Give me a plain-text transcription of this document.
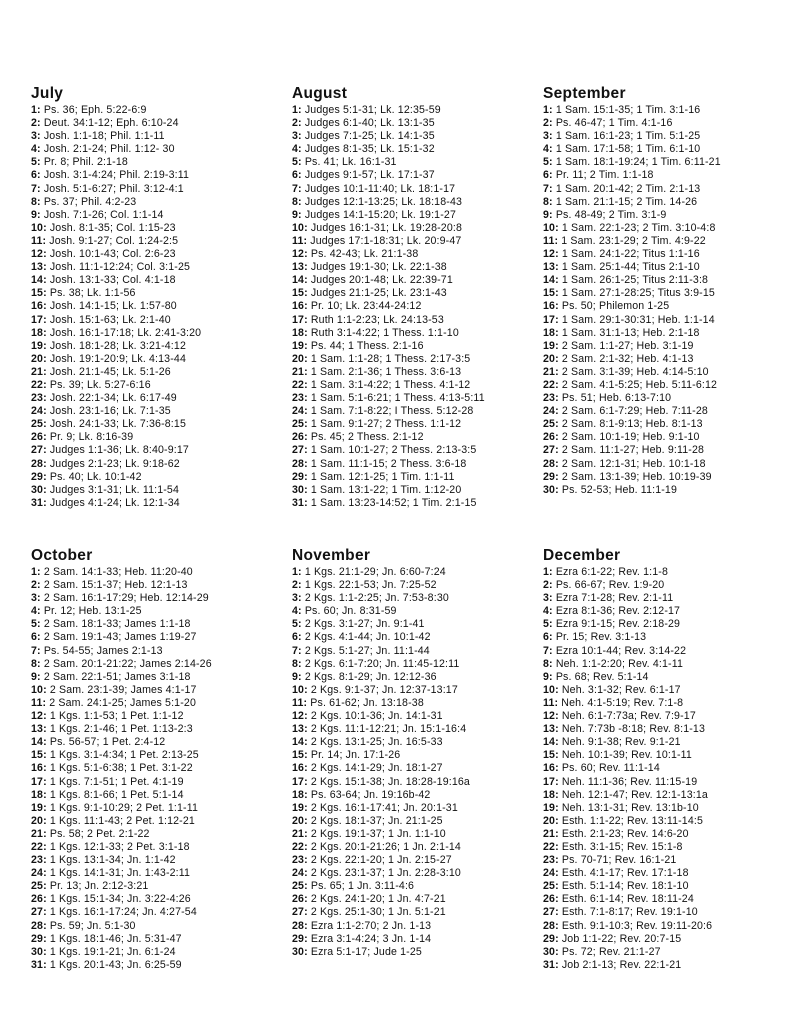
July
1: Ps. 36; Eph. 5:22-6:9
2: Deut. 34:1-12; Eph. 6:10-24
3: Josh. 1:1-18; Phil. 1:1-11
4: Josh. 2:1-24; Phil. 1:12- 30
5: Pr. 8; Phil. 2:1-18
6: Josh. 3:1-4:24; Phil. 2:19-3:11
7: Josh. 5:1-6:27; Phil. 3:12-4:1
8: Ps. 37; Phil. 4:2-23
9: Josh. 7:1-26; Col. 1:1-14
10: Josh. 8:1-35; Col. 1:15-23
11: Josh. 9:1-27; Col. 1:24-2:5
12: Josh. 10:1-43; Col. 2:6-23
13: Josh. 11:1-12:24; Col. 3:1-25
14: Josh. 13:1-33; Col. 4:1-18
15: Ps. 38; Lk. 1:1-56
16: Josh. 14:1-15; Lk. 1:57-80
17: Josh. 15:1-63; Lk. 2:1-40
18: Josh. 16:1-17:18; Lk. 2:41-3:20
19: Josh. 18:1-28; Lk. 3:21-4:12
20: Josh. 19:1-20:9; Lk. 4:13-44
21: Josh. 21:1-45; Lk. 5:1-26
22: Ps. 39; Lk. 5:27-6:16
23: Josh. 22:1-34; Lk. 6:17-49
24: Josh. 23:1-16; Lk. 7:1-35
25: Josh. 24:1-33; Lk. 7:36-8:15
26: Pr. 9; Lk. 8:16-39
27: Judges 1:1-36; Lk. 8:40-9:17
28: Judges 2:1-23; Lk. 9:18-62
29: Ps. 40; Lk. 10:1-42
30: Judges 3:1-31; Lk. 11:1-54
31: Judges 4:1-24; Lk. 12:1-34
August
1: Judges 5:1-31; Lk. 12:35-59
2: Judges 6:1-40; Lk. 13:1-35
3: Judges 7:1-25; Lk. 14:1-35
4: Judges 8:1-35; Lk. 15:1-32
5: Ps. 41; Lk. 16:1-31
6: Judges 9:1-57; Lk. 17:1-37
7: Judges 10:1-11:40; Lk. 18:1-17
8: Judges 12:1-13:25; Lk. 18:18-43
9: Judges 14:1-15:20; Lk. 19:1-27
10: Judges 16:1-31; Lk. 19:28-20:8
11: Judges 17:1-18:31; Lk. 20:9-47
12: Ps. 42-43; Lk. 21:1-38
13: Judges 19:1-30; Lk. 22:1-38
14: Judges 20:1-48; Lk. 22:39-71
15: Judges 21:1-25; Lk. 23:1-43
16: Pr. 10; Lk. 23:44-24:12
17: Ruth 1:1-2:23; Lk. 24:13-53
18: Ruth 3:1-4:22; 1 Thess. 1:1-10
19: Ps. 44; 1 Thess. 2:1-16
20: 1 Sam. 1:1-28; 1 Thess. 2:17-3:5
21: 1 Sam. 2:1-36; 1 Thess. 3:6-13
22: 1 Sam. 3:1-4:22; 1 Thess. 4:1-12
23: 1 Sam. 5:1-6:21; 1 Thess. 4:13-5:11
24: 1 Sam. 7:1-8:22; I Thess. 5:12-28
25: 1 Sam. 9:1-27; 2 Thess. 1:1-12
26: Ps. 45; 2 Thess. 2:1-12
27: 1 Sam. 10:1-27; 2 Thess. 2:13-3:5
28: 1 Sam. 11:1-15; 2 Thess. 3:6-18
29: 1 Sam. 12:1-25; 1 Tim. 1:1-11
30: 1 Sam. 13:1-22; 1 Tim. 1:12-20
31: 1 Sam. 13:23-14:52; 1 Tim. 2:1-15
September
1: 1 Sam. 15:1-35; 1 Tim. 3:1-16
2: Ps. 46-47; 1 Tim. 4:1-16
3: 1 Sam. 16:1-23; 1 Tim. 5:1-25
4: 1 Sam. 17:1-58; 1 Tim. 6:1-10
5: 1 Sam. 18:1-19:24; 1 Tim. 6:11-21
6: Pr. 11; 2 Tim. 1:1-18
7: 1 Sam. 20:1-42; 2 Tim. 2:1-13
8: 1 Sam. 21:1-15; 2 Tim. 14-26
9: Ps. 48-49; 2 Tim. 3:1-9
10: 1 Sam. 22:1-23; 2 Tim. 3:10-4:8
11: 1 Sam. 23:1-29; 2 Tim. 4:9-22
12: 1 Sam. 24:1-22; Titus 1:1-16
13: 1 Sam. 25:1-44; Titus 2:1-10
14: 1 Sam. 26:1-25; Titus 2:11-3:8
15: 1 Sam. 27:1-28:25; Titus 3:9-15
16: Ps. 50; Philemon 1-25
17: 1 Sam. 29:1-30:31; Heb. 1:1-14
18: 1 Sam. 31:1-13; Heb. 2:1-18
19: 2 Sam. 1:1-27; Heb. 3:1-19
20: 2 Sam. 2:1-32; Heb. 4:1-13
21: 2 Sam. 3:1-39; Heb. 4:14-5:10
22: 2 Sam. 4:1-5:25; Heb. 5:11-6:12
23: Ps. 51; Heb. 6:13-7:10
24: 2 Sam. 6:1-7:29; Heb. 7:11-28
25: 2 Sam. 8:1-9:13; Heb. 8:1-13
26: 2 Sam. 10:1-19; Heb. 9:1-10
27: 2 Sam. 11:1-27; Heb. 9:11-28
28: 2 Sam. 12:1-31; Heb. 10:1-18
29: 2 Sam. 13:1-39; Heb. 10:19-39
30: Ps. 52-53; Heb. 11:1-19
October
1: 2 Sam. 14:1-33; Heb. 11:20-40
2: 2 Sam. 15:1-37; Heb. 12:1-13
3: 2 Sam. 16:1-17:29; Heb. 12:14-29
4: Pr. 12; Heb. 13:1-25
5: 2 Sam. 18:1-33; James 1:1-18
6: 2 Sam. 19:1-43; James 1:19-27
7: Ps. 54-55; James 2:1-13
8: 2 Sam. 20:1-21:22; James 2:14-26
9: 2 Sam. 22:1-51; James 3:1-18
10: 2 Sam. 23:1-39; James 4:1-17
11: 2 Sam. 24:1-25; James 5:1-20
12: 1 Kgs. 1:1-53; 1 Pet. 1:1-12
13: 1 Kgs. 2:1-46; 1 Pet. 1:13-2:3
14: Ps. 56-57; 1 Pet. 2:4-12
15: 1 Kgs. 3:1-4:34; 1 Pet. 2:13-25
16: 1 Kgs. 5:1-6:38; 1 Pet. 3:1-22
17: 1 Kgs. 7:1-51; 1 Pet. 4:1-19
18: 1 Kgs. 8:1-66; 1 Pet. 5:1-14
19: 1 Kgs. 9:1-10:29; 2 Pet. 1:1-11
20: 1 Kgs. 11:1-43; 2 Pet. 1:12-21
21: Ps. 58; 2 Pet. 2:1-22
22: 1 Kgs. 12:1-33; 2 Pet. 3:1-18
23: 1 Kgs. 13:1-34; Jn. 1:1-42
24: 1 Kgs. 14:1-31; Jn. 1:43-2:11
25: Pr. 13; Jn. 2:12-3:21
26: 1 Kgs. 15:1-34; Jn. 3:22-4:26
27: 1 Kgs. 16:1-17:24; Jn. 4:27-54
28: Ps. 59; Jn. 5:1-30
29: 1 Kgs. 18:1-46; Jn. 5:31-47
30: 1 Kgs. 19:1-21; Jn. 6:1-24
31: 1 Kgs. 20:1-43; Jn. 6:25-59
November
1: 1 Kgs. 21:1-29; Jn. 6:60-7:24
2: 1 Kgs. 22:1-53; Jn. 7:25-52
3: 2 Kgs. 1:1-2:25; Jn. 7:53-8:30
4: Ps. 60; Jn. 8:31-59
5: 2 Kgs. 3:1-27; Jn. 9:1-41
6: 2 Kgs. 4:1-44; Jn. 10:1-42
7: 2 Kgs. 5:1-27; Jn. 11:1-44
8: 2 Kgs. 6:1-7:20; Jn. 11:45-12:11
9: 2 Kgs. 8:1-29; Jn. 12:12-36
10: 2 Kgs. 9:1-37; Jn. 12:37-13:17
11: Ps. 61-62; Jn. 13:18-38
12: 2 Kgs. 10:1-36; Jn. 14:1-31
13: 2 Kgs. 11:1-12:21; Jn. 15:1-16:4
14: 2 Kgs. 13:1-25; Jn. 16:5-33
15: Pr. 14; Jn. 17:1-26
16: 2 Kgs. 14:1-29; Jn. 18:1-27
17: 2 Kgs. 15:1-38; Jn. 18:28-19:16a
18: Ps. 63-64; Jn. 19:16b-42
19: 2 Kgs. 16:1-17:41; Jn. 20:1-31
20: 2 Kgs. 18:1-37; Jn. 21:1-25
21: 2 Kgs. 19:1-37; 1 Jn. 1:1-10
22: 2 Kgs. 20:1-21:26; 1 Jn. 2:1-14
23: 2 Kgs. 22:1-20; 1 Jn. 2:15-27
24: 2 Kgs. 23:1-37; 1 Jn. 2:28-3:10
25: Ps. 65; 1 Jn. 3:11-4:6
26: 2 Kgs. 24:1-20; 1 Jn. 4:7-21
27: 2 Kgs. 25:1-30; 1 Jn. 5:1-21
28: Ezra 1:1-2:70; 2 Jn. 1-13
29: Ezra 3:1-4:24; 3 Jn. 1-14
30: Ezra 5:1-17; Jude 1-25
December
1: Ezra 6:1-22; Rev. 1:1-8
2: Ps. 66-67; Rev. 1:9-20
3: Ezra 7:1-28; Rev. 2:1-11
4: Ezra 8:1-36; Rev. 2:12-17
5: Ezra 9:1-15; Rev. 2:18-29
6: Pr. 15; Rev. 3:1-13
7: Ezra 10:1-44; Rev. 3:14-22
8: Neh. 1:1-2:20; Rev. 4:1-11
9: Ps. 68; Rev. 5:1-14
10: Neh. 3:1-32; Rev. 6:1-17
11: Neh. 4:1-5:19; Rev. 7:1-8
12: Neh. 6:1-7:73a; Rev. 7:9-17
13: Neh. 7:73b -8:18; Rev. 8:1-13
14: Neh. 9:1-38; Rev. 9:1-21
15: Neh. 10:1-39; Rev. 10:1-11
16: Ps. 60; Rev. 11:1-14
17: Neh. 11:1-36; Rev. 11:15-19
18: Neh. 12:1-47; Rev. 12:1-13:1a
19: Neh. 13:1-31; Rev. 13:1b-10
20: Esth. 1:1-22; Rev. 13:11-14:5
21: Esth. 2:1-23; Rev. 14:6-20
22: Esth. 3:1-15; Rev. 15:1-8
23: Ps. 70-71; Rev. 16:1-21
24: Esth. 4:1-17; Rev. 17:1-18
25: Esth. 5:1-14; Rev. 18:1-10
26: Esth. 6:1-14; Rev. 18:11-24
27: Esth. 7:1-8:17; Rev. 19:1-10
28: Esth. 9:1-10:3; Rev. 19:11-20:6
29: Job 1:1-22; Rev. 20:7-15
30: Ps. 72; Rev. 21:1-27
31: Job 2:1-13; Rev. 22:1-21
